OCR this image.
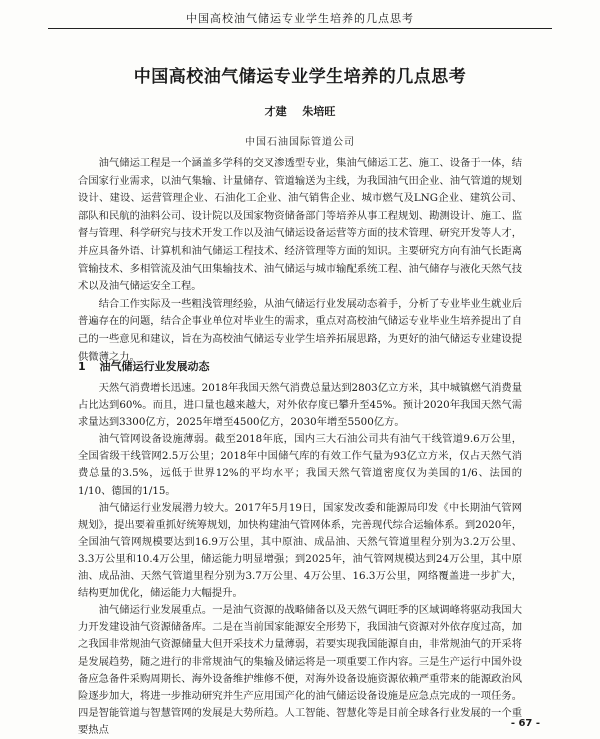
中国高校油气储运专业学生培养的几点思考
中国高校油气储运专业学生培养的几点思考
才建 朱培旺
中国石油国际管道公司

油气储运工程是一个涵盖多学科的交叉渗透型专业，集油气储运工艺、施工、设备于一体，结合国家行业需求，以油气集输、计量储存、管道输送为主线，为我国油气田企业、油气管道的规划设计、建设、运营管理企业、石油化工企业、油气销售企业、城市燃气及LNG企业、建筑公司、部队和民航的油料公司、设计院以及国家物资储备部门等培养从事工程规划、勘测设计、施工、监督与管理、科学研究与技术开发工作以及油气储运设备运营等方面的技术管理、研究开发等人才，并应具备外语、计算机和油气储运工程技术、经济管理等方面的知识。主要研究方向有油气长距离管输技术、多相管流及油气田集输技术、油气储运与城市输配系统工程、油气储存与液化天然气技术以及油气储运安全工程。

结合工作实际及一些粗浅管理经验，从油气储运行业发展动态着手，分析了专业毕业生就业后普遍存在的问题，结合企事业单位对毕业生的需求，重点对高校油气储运专业毕业生培养提出了自己的一些意见和建议，旨在为高校油气储运专业学生培养拓展思路，为更好的油气储运专业建设提供微薄之力。

1 油气储运行业发展动态

天然气消费增长迅速。2018年我国天然气消费总量达到2803亿立方米，其中城镇燃气消费量占比达到60%。而且，进口量也越来越大，对外依存度已攀升至45%。预计2020年我国天然气需求量达到3300亿方，2025年增至4500亿方，2030年增至5500亿方。

油气管网设备设施薄弱。截至2018年底，国内三大石油公司共有油气干线管道9.6万公里，全国省级干线管网2.5万公里；2018年中国储气库的有效工作气量为93亿立方米，仅占天然气消费总量的3.5%，远低于世界12%的平均水平；我国天然气管道密度仅为美国的1/6、法国的1/10、德国的1/15。

油气储运行业发展潜力较大。2017年5月19日，国家发改委和能源局印发《中长期油气管网规划》，提出要着重抓好统筹规划，加快构建油气管网体系，完善现代综合运输体系。到2020年，全国油气管网规模要达到16.9万公里，其中原油、成品油、天然气管道里程分别为3.2万公里、3.3万公里和10.4万公里，储运能力明显增强；到2025年，油气管网规模达到24万公里，其中原油、成品油、天然气管道里程分别为3.7万公里、4万公里、16.3万公里，网络覆盖进一步扩大，结构更加优化，储运能力大幅提升。

油气储运行业发展重点。一是油气资源的战略储备以及天然气调旺季的区域调峰将驱动我国大力开发建设油气资源储备库。二是在当前国家能源安全形势下，我国油气资源对外依存度过高，加之我国非常规油气资源储量大但开采技术力量薄弱，若要实现我国能源自由，非常规油气的开采将是发展趋势，随之进行的非常规油气的集输及储运将是一项重要工作内容。三是生产运行中国外设备应急备件采购周期长、海外设备维护维修不便，对海外设备设施资源依赖严重带来的能源政治风险逐步加大，将进一步推动研究并生产应用国产化的油气储运设备设施是应急点完成的一项任务。四是智能管道与智慧管网的发展是大势所趋。人工智能、智慧化等是目前全球各行业发展的一个重要热点

- 67 -
